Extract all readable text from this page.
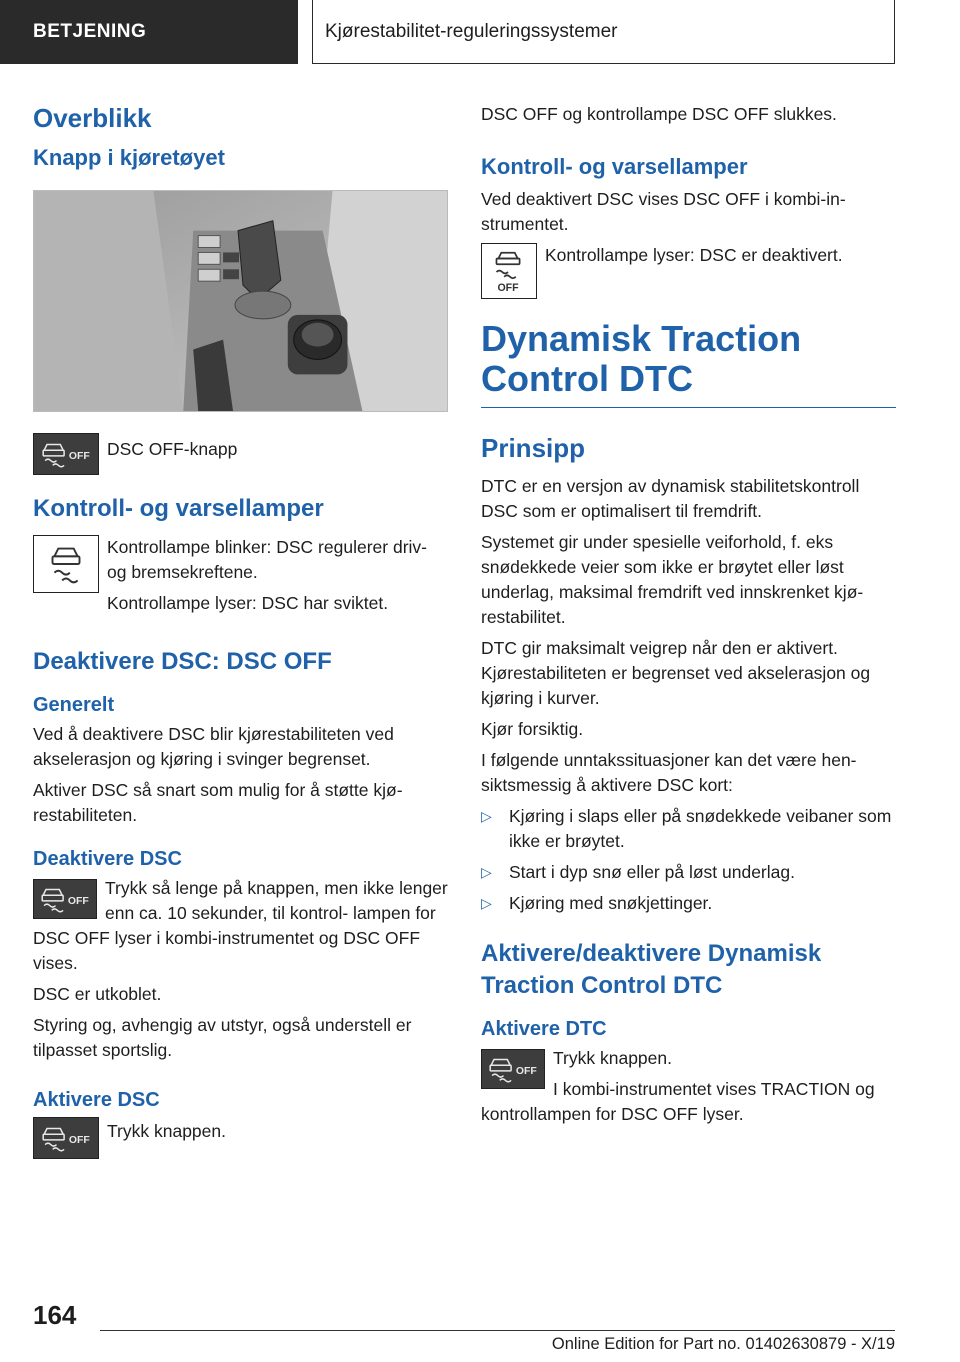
BETJENING	Kjørestabilitet-reguleringssystemer
Overblikk
Knapp i kjøretøyet

DSC OFF-knapp

Kontroll- og varsellamper

Kontrollampe blinker: DSC regulerer driv- og bremsekreftene.

Kontrollampe lyser: DSC har sviktet.

Deaktivere DSC: DSC OFF
Generelt

Ved å deaktivere DSC blir kjørestabiliteten ved akselerasjon og kjøring i svinger begrenset.

Aktiver DSC så snart som mulig for å støtte kjø- restabiliteten.

Deaktivere DSC

Trykk så lenge på knappen, men ikke lenger enn ca. 10 sekunder, til kontrol- lampen for DSC OFF lyser i kombi-instrumentet og DSC OFF vises.

DSC er utkoblet.

Styring og, avhengig av utstyr, også understell er tilpasset sportslig.

Aktivere DSC

Trykk knappen.

DSC OFF og kontrollampe DSC OFF slukkes.

Kontroll- og varsellamper

Ved deaktivert DSC vises DSC OFF i kombi-in- strumentet.

Kontrollampe lyser: DSC er deaktivert.

Dynamisk Traction Control DTC
Prinsipp

DTC er en versjon av dynamisk stabilitetskontroll DSC som er optimalisert til fremdrift.

Systemet gir under spesielle veiforhold, f. eks snødekkede veier som ikke er brøytet eller løst underlag, maksimal fremdrift ved innskrenket kjø- restabilitet.

DTC gir maksimalt veigrep når den er aktivert. Kjørestabiliteten er begrenset ved akselerasjon og kjøring i kurver.

Kjør forsiktig.

I følgende unntakssituasjoner kan det være hen- siktsmessig å aktivere DSC kort:

▷ Kjøring i slaps eller på snødekkede veibaner som ikke er brøytet.
▷ Start i dyp snø eller på løst underlag.
▷ Kjøring med snøkjettinger.
Aktivere/deaktivere Dynamisk Traction Control DTC
Aktivere DTC

Trykk knappen.

I kombi-instrumentet vises TRACTION og kontrollampen for DSC OFF lyser.

164
Online Edition for Part no. 01402630879 - X/19
